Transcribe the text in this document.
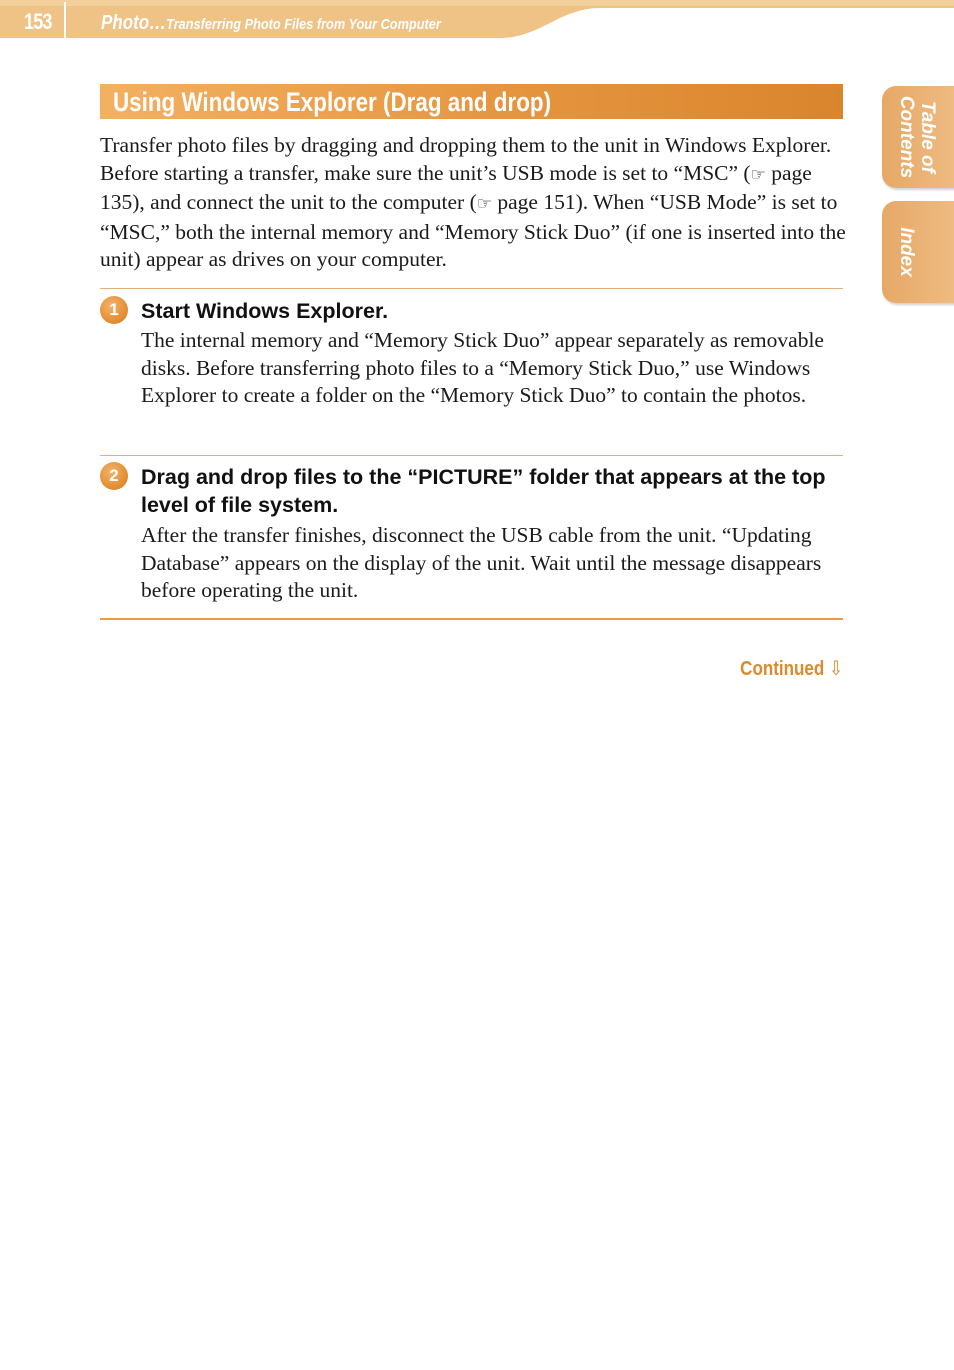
153 Photo…Transferring Photo Files from Your Computer
Table of
Contents
Index
Using Windows Explorer (Drag and drop)
Transfer photo files by dragging and dropping them to the unit in Windows Explorer. Before starting a transfer, make sure the unit’s USB mode is set to “MSC” (☞ page 135), and connect the unit to the computer (☞ page 151). When “USB Mode” is set to “MSC,” both the internal memory and “Memory Stick Duo” (if one is inserted into the unit) appear as drives on your computer.
1	Start Windows Explorer.
The internal memory and “Memory Stick Duo” appear separately as removable disks. Before transferring photo files to a “Memory Stick Duo,” use Windows Explorer to create a folder on the “Memory Stick Duo” to contain the photos.
2	Drag and drop files to the “PICTURE” folder that appears at the top level of file system.
After the transfer finishes, disconnect the USB cable from the unit. “Updating Database” appears on the display of the unit. Wait until the message disappears before operating the unit.
Continued ⇩
